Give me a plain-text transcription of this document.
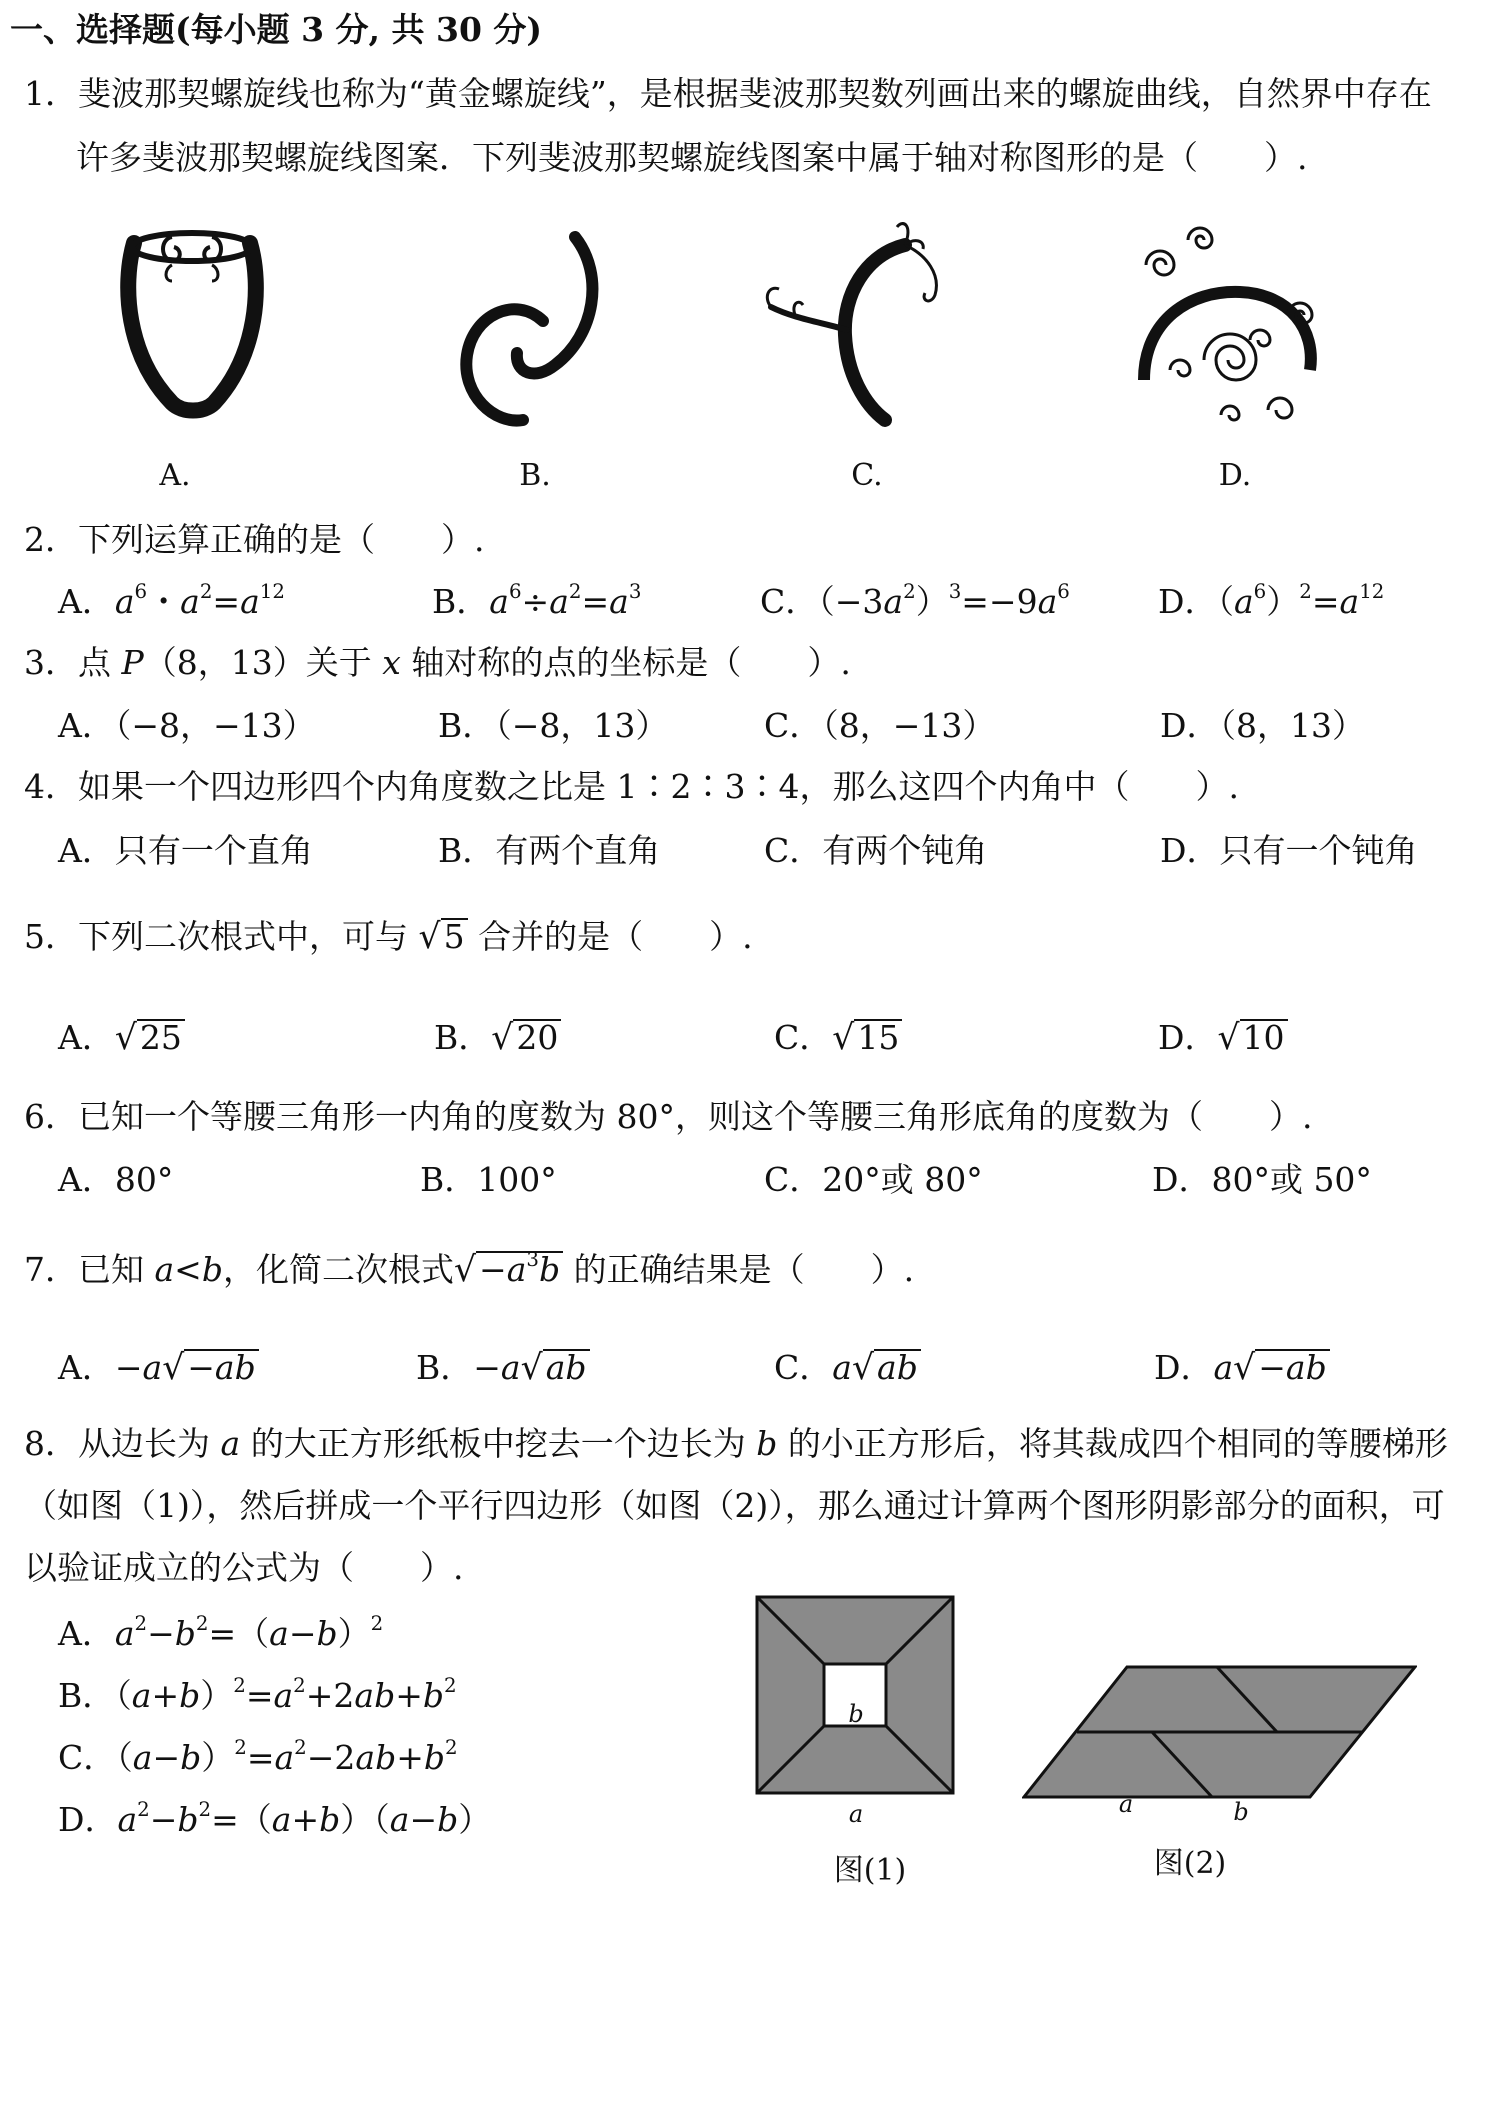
一、选择题(每小题 3 分, 共 30 分)
1．斐波那契螺旋线也称为“黄金螺旋线”，是根据斐波那契数列画出来的螺旋曲线，自然界中存在
许多斐波那契螺旋线图案．下列斐波那契螺旋线图案中属于轴对称图形的是（　　）.
A.	B.	C.	D.
2．下列运算正确的是（　　）.
A．$a^6$・$a^2=a^{12}$	B．$a^6\div a^2=a^3$	C．$(-3a^2)^3=-9a^6$	D．$(a^6)^2=a^{12}$
3．点 P（8，13）关于 x 轴对称的点的坐标是（　　）.
A．（−8，−13）	B．（−8，13）	C．（8，−13）	D．（8，13）
4．如果一个四边形四个内角度数之比是 1∶2∶3∶4，那么这四个内角中（　　）.
A．只有一个直角	B．有两个直角	C．有两个钝角	D．只有一个钝角
5．下列二次根式中，可与 √5 合并的是（　　）.
A．√25	B．√20	C．√15	D．√10
6．已知一个等腰三角形一内角的度数为 80°，则这个等腰三角形底角的度数为（　　）.
A．80°	B．100°	C．20°或 80°	D．80°或 50°
7．已知 a<b，化简二次根式$√-a^3b$ 的正确结果是（　　）.
A．−a√−ab	B．−a√ab	C．a√ab	D．a√−ab
8．从边长为 a 的大正方形纸板中挖去一个边长为 b 的小正方形后，将其裁成四个相同的等腰梯形
（如图（1)），然后拼成一个平行四边形（如图（2)），那么通过计算两个图形阴影部分的面积，可
以验证成立的公式为（　　）.
A．$a^2-b^2=(a-b)^2$
B．$(a+b)^2=a^2+2ab+b^2$
C．$(a-b)^2=a^2-2ab+b^2$
D．$a^2-b^2=(a+b)(a-b)$
b
a
图(1)
a	b
图(2)
